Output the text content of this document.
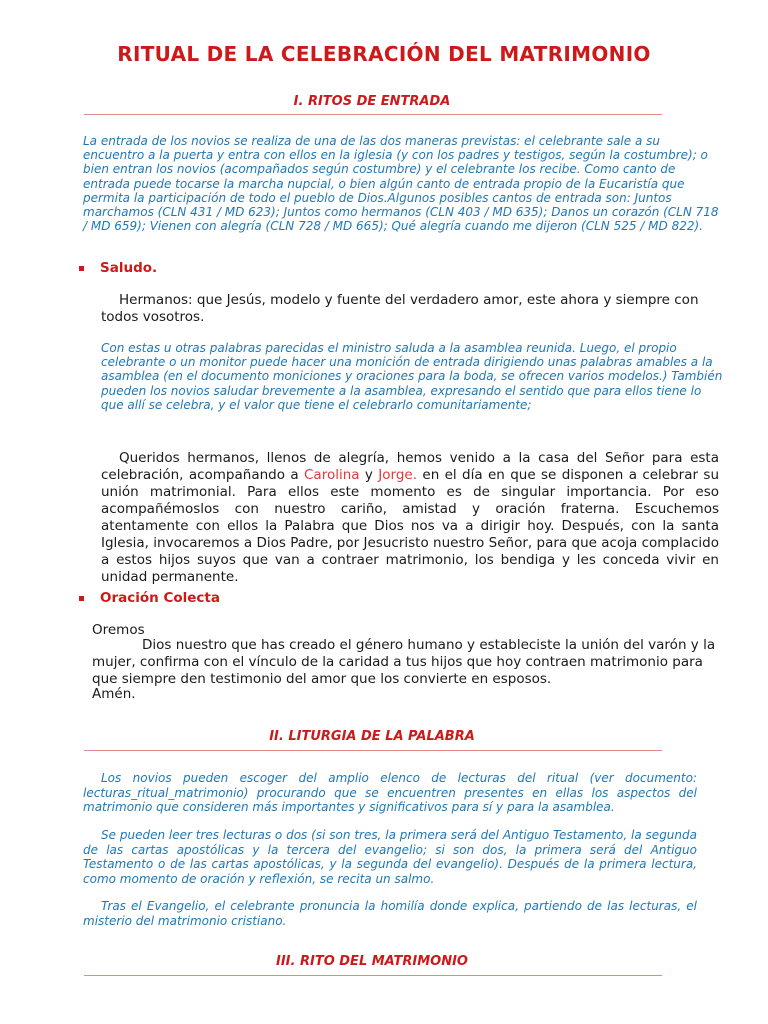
RITUAL DE LA CELEBRACIÓN DEL MATRIMONIO
I. RITOS DE ENTRADA
La entrada de los novios se realiza de una de las dos maneras previstas: el celebrante sale a su encuentro a la puerta y entra con ellos en la iglesia (y con los padres y testigos, según la costumbre); o bien entran los novios (acompañados según costumbre) y el celebrante los recibe. Como canto de entrada puede tocarse la marcha nupcial, o bien algún canto de entrada propio de la Eucaristía que permita la participación de todo el pueblo de Dios.Algunos posibles cantos de entrada son: Juntos marchamos (CLN 431 / MD 623); Juntos como hermanos (CLN 403 / MD 635); Danos un corazón (CLN 718 / MD 659); Vienen con alegría (CLN 728 / MD 665); Qué alegría cuando me dijeron (CLN 525 / MD 822).
Saludo.
Hermanos: que Jesús, modelo y fuente del verdadero amor, este ahora y siempre con todos vosotros.
Con estas u otras palabras parecidas el ministro saluda a la asamblea reunida. Luego, el propio celebrante o un monitor puede hacer una monición de entrada dirigiendo unas palabras amables a la asamblea (en el documento moniciones y oraciones para la boda, se ofrecen varios modelos.) También pueden los novios saludar brevemente a la asamblea, expresando el sentido que para ellos tiene lo que allí se celebra, y el valor que tiene el celebrarlo comunitariamente;
Queridos hermanos, llenos de alegría, hemos venido a la casa del Señor para esta celebración, acompañando a Carolina y Jorge. en el día en que se disponen a celebrar su unión matrimonial. Para ellos este momento es de singular importancia. Por eso acompañémoslos con nuestro cariño, amistad y oración fraterna. Escuchemos atentamente con ellos la Palabra que Dios nos va a dirigir hoy. Después, con la santa Iglesia, invocaremos a Dios Padre, por Jesucristo nuestro Señor, para que acoja complacido a estos hijos suyos que van a contraer matrimonio, los bendiga y les conceda vivir en unidad permanente.
Oración Colecta
Oremos
Dios nuestro que has creado el género humano y estableciste la unión del varón y la mujer, confirma con el vínculo de la caridad a tus hijos que hoy contraen matrimonio para que siempre den testimonio del amor que los convierte en esposos.
Amén.
II. LITURGIA DE LA PALABRA
Los novios pueden escoger del amplio elenco de lecturas del ritual (ver documento: lecturas_ritual_matrimonio) procurando que se encuentren presentes en ellas los aspectos del matrimonio que consideren más importantes y significativos para sí y para la asamblea.
Se pueden leer tres lecturas o dos (si son tres, la primera será del Antiguo Testamento, la segunda de las cartas apostólicas y la tercera del evangelio; si son dos, la primera será del Antiguo Testamento o de las cartas apostólicas, y la segunda del evangelio). Después de la primera lectura, como momento de oración y reflexión, se recita un salmo.
Tras el Evangelio, el celebrante pronuncia la homilía donde explica, partiendo de las lecturas, el misterio del matrimonio cristiano.
III. RITO DEL MATRIMONIO
